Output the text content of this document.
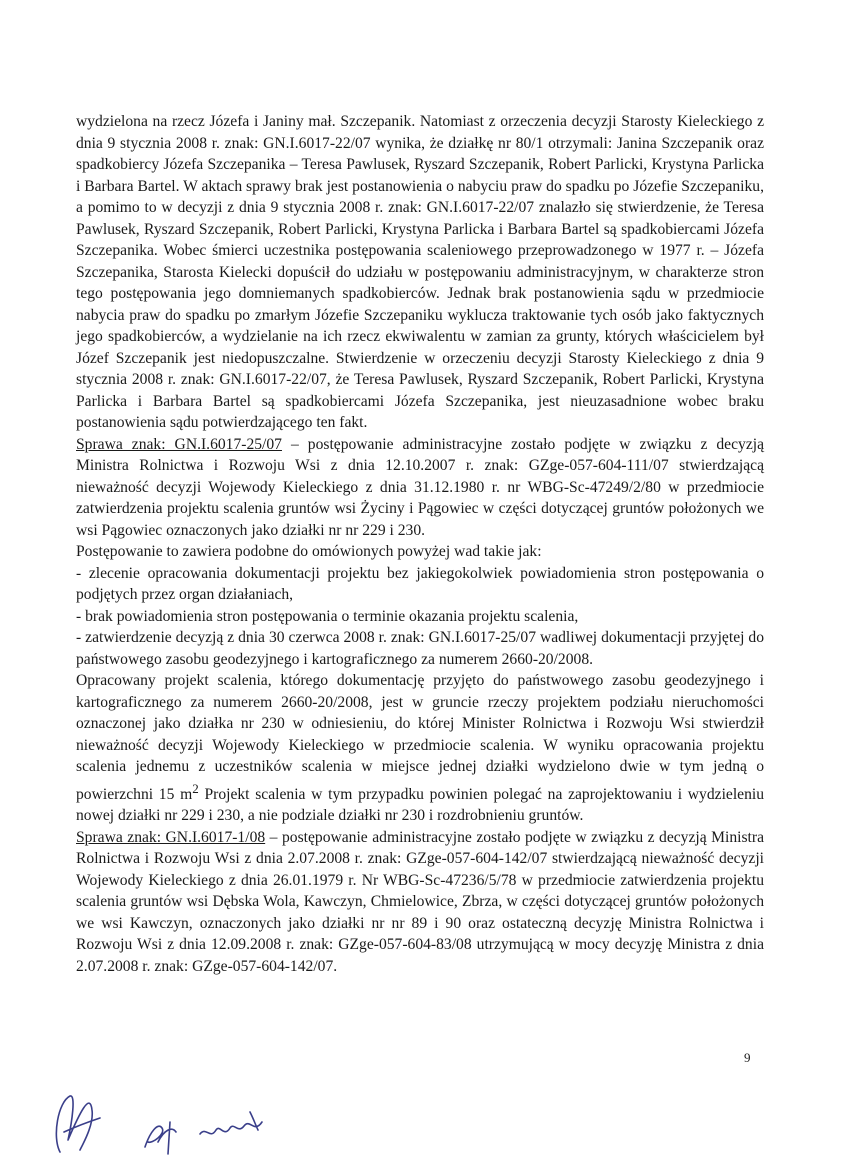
wydzielona na rzecz Józefa i Janiny mał. Szczepanik. Natomiast z orzeczenia decyzji Starosty Kieleckiego z dnia 9 stycznia 2008 r. znak: GN.I.6017-22/07 wynika, że działkę nr 80/1 otrzymali: Janina Szczepanik oraz spadkobiercy Józefa Szczepanika – Teresa Pawlusek, Ryszard Szczepanik, Robert Parlicki, Krystyna Parlicka i Barbara Bartel. W aktach sprawy brak jest postanowienia o nabyciu praw do spadku po Józefie Szczepaniku, a pomimo to w decyzji z dnia 9 stycznia 2008 r. znak: GN.I.6017-22/07 znalazło się stwierdzenie, że Teresa Pawlusek, Ryszard Szczepanik, Robert Parlicki, Krystyna Parlicka i Barbara Bartel są spadkobiercami Józefa Szczepanika. Wobec śmierci uczestnika postępowania scaleniowego przeprowadzonego w 1977 r. – Józefa Szczepanika, Starosta Kielecki dopuścił do udziału w postępowaniu administracyjnym, w charakterze stron tego postępowania jego domniemanych spadkobierców. Jednak brak postanowienia sądu w przedmiocie nabycia praw do spadku po zmarłym Józefie Szczepaniku wyklucza traktowanie tych osób jako faktycznych jego spadkobierców, a wydzielanie na ich rzecz ekwiwalentu w zamian za grunty, których właścicielem był Józef Szczepanik jest niedopuszczalne. Stwierdzenie w orzeczeniu decyzji Starosty Kieleckiego z dnia 9 stycznia 2008 r. znak: GN.I.6017-22/07, że Teresa Pawlusek, Ryszard Szczepanik, Robert Parlicki, Krystyna Parlicka i Barbara Bartel są spadkobiercami Józefa Szczepanika, jest nieuzasadnione wobec braku postanowienia sądu potwierdzającego ten fakt.

Sprawa znak: GN.I.6017-25/07 – postępowanie administracyjne zostało podjęte w związku z decyzją Ministra Rolnictwa i Rozwoju Wsi z dnia 12.10.2007 r. znak: GZge-057-604-111/07 stwierdzającą nieważność decyzji Wojewody Kieleckiego z dnia 31.12.1980 r. nr WBG-Sc-47249/2/80 w przedmiocie zatwierdzenia projektu scalenia gruntów wsi Życiny i Pągowiec w części dotyczącej gruntów położonych we wsi Pągowiec oznaczonych jako działki nr nr 229 i 230.

Postępowanie to zawiera podobne do omówionych powyżej wad takie jak:

- zlecenie opracowania dokumentacji projektu bez jakiegokolwiek powiadomienia stron postępowania o podjętych przez organ działaniach,

- brak powiadomienia stron postępowania o terminie okazania projektu scalenia,

- zatwierdzenie decyzją z dnia 30 czerwca 2008 r. znak: GN.I.6017-25/07 wadliwej dokumentacji przyjętej do państwowego zasobu geodezyjnego i kartograficznego za numerem 2660-20/2008.

Opracowany projekt scalenia, którego dokumentację przyjęto do państwowego zasobu geodezyjnego i kartograficznego za numerem 2660-20/2008, jest w gruncie rzeczy projektem podziału nieruchomości oznaczonej jako działka nr 230 w odniesieniu, do której Minister Rolnictwa i Rozwoju Wsi stwierdził nieważność decyzji Wojewody Kieleckiego w przedmiocie scalenia. W wyniku opracowania projektu scalenia jednemu z uczestników scalenia w miejsce jednej działki wydzielono dwie w tym jedną o powierzchni 15 $m^2$ Projekt scalenia w tym przypadku powinien polegać na zaprojektowaniu i wydzieleniu nowej działki nr 229 i 230, a nie podziale działki nr 230 i rozdrobnieniu gruntów.

Sprawa znak: GN.I.6017-1/08 – postępowanie administracyjne zostało podjęte w związku z decyzją Ministra Rolnictwa i Rozwoju Wsi z dnia 2.07.2008 r. znak: GZge-057-604-142/07 stwierdzającą nieważność decyzji Wojewody Kieleckiego z dnia 26.01.1979 r. Nr WBG-Sc-47236/5/78 w przedmiocie zatwierdzenia projektu scalenia gruntów wsi Dębska Wola, Kawczyn, Chmielowice, Zbrza, w części dotyczącej gruntów położonych we wsi Kawczyn, oznaczonych jako działki nr nr 89 i 90 oraz ostateczną decyzję Ministra Rolnictwa i Rozwoju Wsi z dnia 12.09.2008 r. znak: GZge-057-604-83/08 utrzymującą w mocy decyzję Ministra z dnia 2.07.2008 r. znak: GZge-057-604-142/07.

9
